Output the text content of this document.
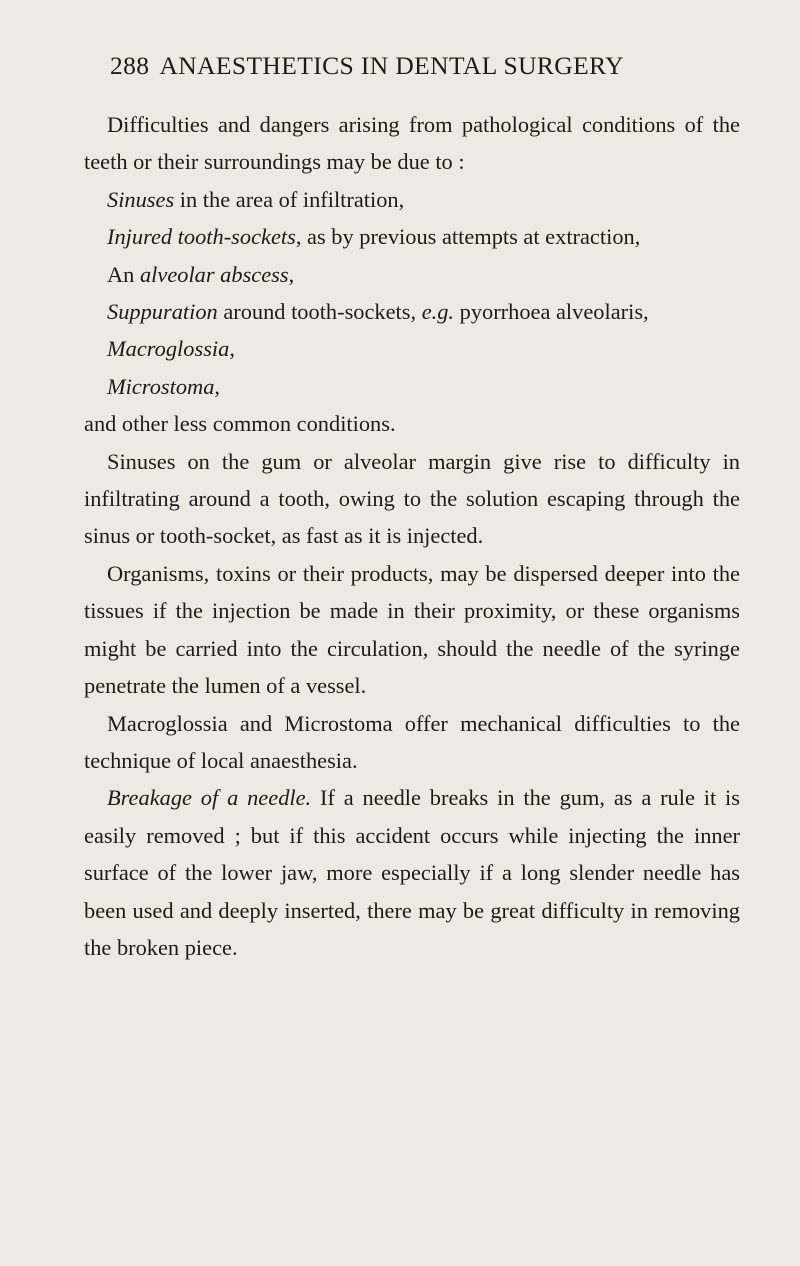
288 ANAESTHETICS IN DENTAL SURGERY

Difficulties and dangers arising from pathological conditions of the teeth or their surroundings may be due to :

Sinuses in the area of infiltration,

Injured tooth-sockets, as by previous attempts at extraction,

An alveolar abscess,

Suppuration around tooth-sockets, e.g. pyorrhoea alveolaris,

Macroglossia,

Microstoma,

and other less common conditions.

Sinuses on the gum or alveolar margin give rise to difficulty in infiltrating around a tooth, owing to the solution escaping through the sinus or tooth-socket, as fast as it is injected.

Organisms, toxins or their products, may be dispersed deeper into the tissues if the injection be made in their proximity, or these organisms might be carried into the circulation, should the needle of the syringe penetrate the lumen of a vessel.

Macroglossia and Microstoma offer mechanical difficulties to the technique of local anaesthesia.

Breakage of a needle. If a needle breaks in the gum, as a rule it is easily removed ; but if this accident occurs while injecting the inner surface of the lower jaw, more especially if a long slender needle has been used and deeply inserted, there may be great difficulty in removing the broken piece.
